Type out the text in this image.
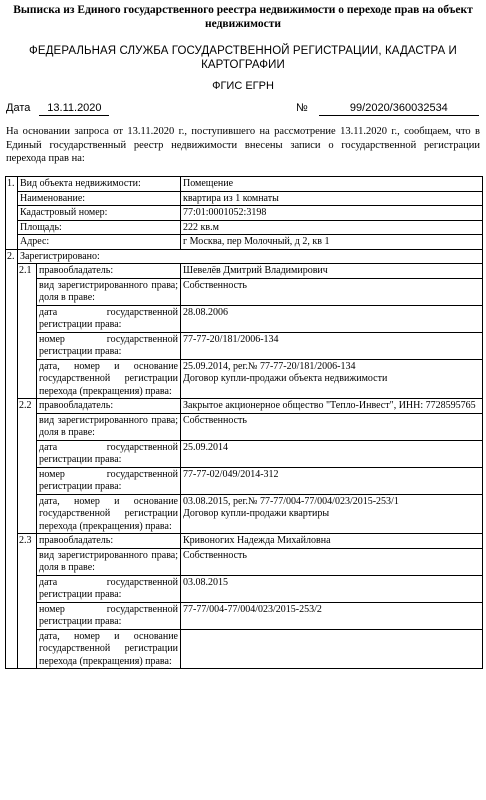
Выписка из Единого государственного реестра недвижимости о переходе прав на объект недвижимости
ФЕДЕРАЛЬНАЯ СЛУЖБА ГОСУДАРСТВЕННОЙ РЕГИСТРАЦИИ, КАДАСТРА И КАРТОГРАФИИ
ФГИС ЕГРН
Дата 13.11.2020	№	99/2020/360032534
На основании запроса от 13.11.2020 г., поступившего на рассмотрение 13.11.2020 г., сообщаем, что в Единый государственный реестр недвижимости внесены записи о государственной регистрации перехода прав на:
1.	Вид объекта недвижимости:		Помещение
	Наименование:		квартира из 1 комнаты
	Кадастровый номер:		77:01:0001052:3198
	Площадь:		222 кв.м
	Адрес:		г Москва, пер Молочный, д 2, кв 1
2.	Зарегистрировано:		
	2.1	правообладатель:	Шевелёв Дмитрий Владимирович
		вид зарегистрированного права; доля в праве:	Собственность
		дата государственной регистрации права:	28.08.2006
		номер государственной регистрации права:	77-77-20/181/2006-134
		дата, номер и основание государственной регистрации перехода (прекращения) права:	25.09.2014, рег.№ 77-77-20/181/2006-134
Договор купли-продажи объекта недвижимости

	2.2	правообладатель:	Закрытое акционерное общество "Тепло-Инвест", ИНН: 7728595765
		вид зарегистрированного права; доля в праве:	Собственность
		дата государственной регистрации права:	25.09.2014
		номер государственной регистрации права:	77-77-02/049/2014-312
		дата, номер и основание государственной регистрации перехода (прекращения) права:	03.08.2015, рег.№ 77-77/004-77/004/023/2015-253/1
Договор купли-продажи квартиры

	2.3	правообладатель:	Кривоногих Надежда Михайловна
		вид зарегистрированного права; доля в праве:	Собственность
		дата государственной регистрации права:	03.08.2015
		номер государственной регистрации права:	77-77/004-77/004/023/2015-253/2
		дата, номер и основание государственной регистрации перехода (прекращения) права:	
